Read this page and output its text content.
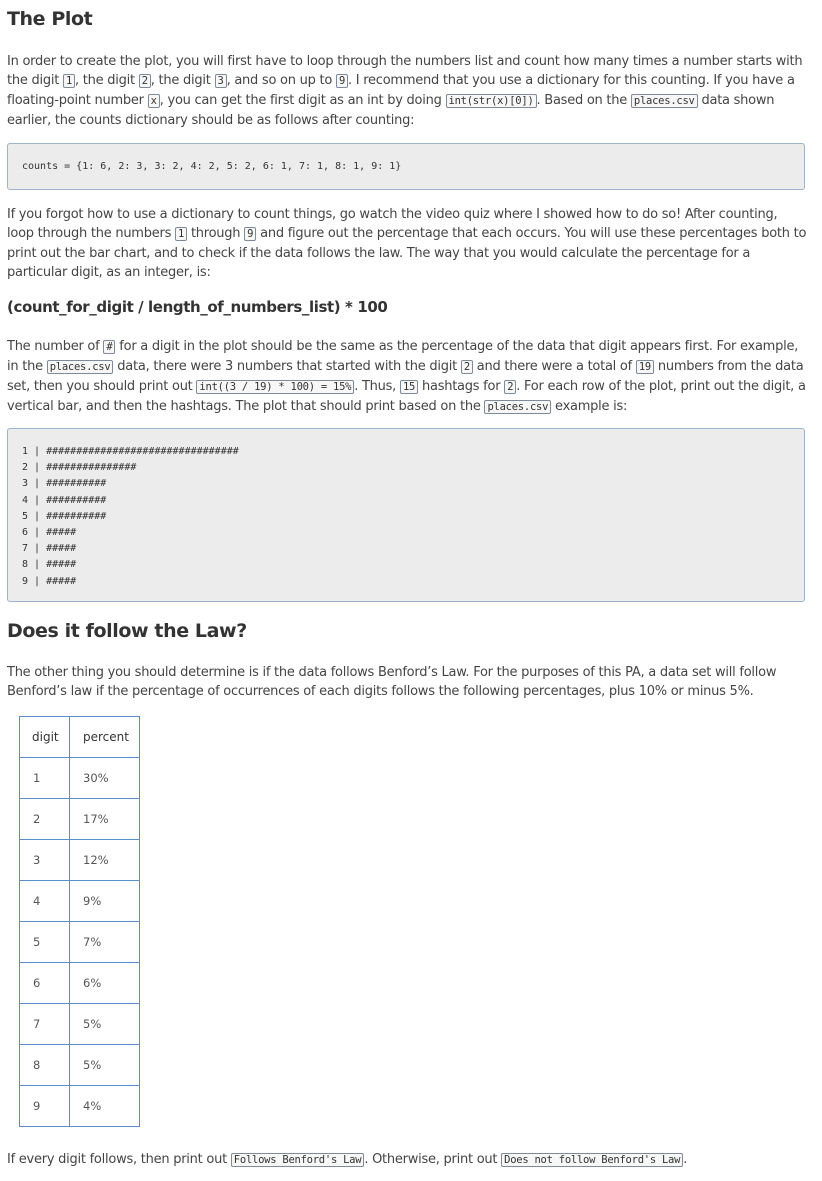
The Plot

In order to create the plot, you will first have to loop through the numbers list and count how many times a number starts with the digit 1 , the digit 2 , the digit 3 , and so on up to 9 . I recommend that you use a dictionary for this counting. If you have a floating-point number x , you can get the first digit as an int by doing int(str(x)[0]) . Based on the places.csv data shown earlier, the counts dictionary should be as follows after counting:

counts = {1: 6, 2: 3, 3: 2, 4: 2, 5: 2, 6: 1, 7: 1, 8: 1, 9: 1}

If you forgot how to use a dictionary to count things, go watch the video quiz where I showed how to do so! After counting, loop through the numbers 1 through 9 and figure out the percentage that each occurs. You will use these percentages both to print out the bar chart, and to check if the data follows the law. The way that you would calculate the percentage for a particular digit, as an integer, is:

(count_for_digit / length_of_numbers_list) * 100

The number of # for a digit in the plot should be the same as the percentage of the data that digit appears first. For example, in the places.csv data, there were 3 numbers that started with the digit 2 and there were a total of 19 numbers from the data set, then you should print out int((3 / 19) * 100) = 15% . Thus, 15 hashtags for 2 . For each row of the plot, print out the digit, a vertical bar, and then the hashtags. The plot that should print based on the places.csv example is:

1 | ################################
2 | ###############
3 | ##########
4 | ##########
5 | ##########
6 | #####
7 | #####
8 | #####
9 | #####
Does it follow the Law?

The other thing you should determine is if the data follows Benford’s Law. For the purposes of this PA, a data set will follow Benford’s law if the percentage of occurrences of each digits follows the following percentages, plus 10% or minus 5%.

digit	percent
1	30%
2	17%
3	12%
4	9%
5	7%
6	6%
7	5%
8	5%
9	4%

If every digit follows, then print out Follows Benford's Law . Otherwise, print out Does not follow Benford's Law .
